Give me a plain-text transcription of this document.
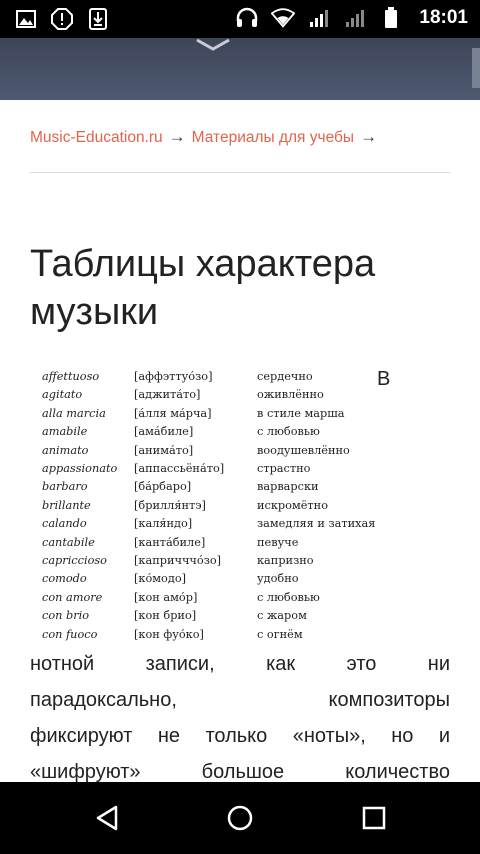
18:01
Music-Education.ru → Материалы для учебы →
Таблицы характера музыки
affettuoso	[аффэттуо́зо]	сердечно
agitato	[аджита́то]	оживлённо
alla marcia [а́лля ма́рча]	в стиле марша
amabile	[ама́биле]	с любовью
animato	[анима́то]	воодушевлённо
appassionato [аппассьёна́то]	страстно
barbaro	[ба́рбаро]	варварски
brillante	[брилля́нтэ]	искромётно
calando	[каля́ндо]	замедляя и затихая
cantabile	[канта́биле]	певуче
capriccioso [капричччо́зо]	капризно
comodo	[ко́модо]	удобно
con amore	[кон амо́р]	с любовью
con brio	[кон брио]	с жаром
con fuoco	[кон фуо́ко]	с огнём
В
нотной	записи,	как	это	ни
парадоксально,	композиторы
фиксируют не только «ноты», но и
«шифруют»	большое	количество
